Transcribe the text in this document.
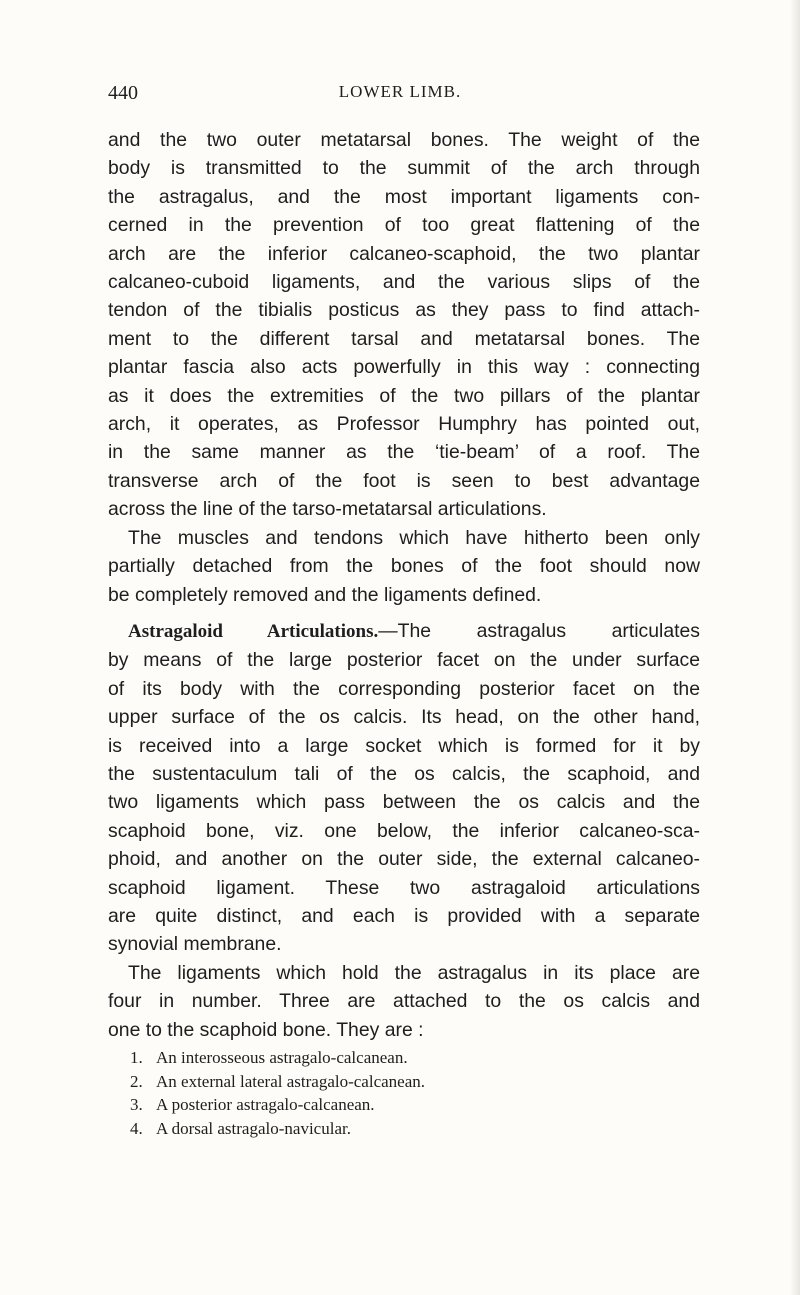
440	LOWER LIMB.
and the two outer metatarsal bones. The weight of the
body is transmitted to the summit of the arch through
the astragalus, and the most important ligaments con-
cerned in the prevention of too great flattening of the
arch are the inferior calcaneo-scaphoid, the two plantar
calcaneo-cuboid ligaments, and the various slips of the
tendon of the tibialis posticus as they pass to find attach-
ment to the different tarsal and metatarsal bones. The
plantar fascia also acts powerfully in this way : connecting
as it does the extremities of the two pillars of the plantar
arch, it operates, as Professor Humphry has pointed out,
in the same manner as the ‘tie-beam’ of a roof. The
transverse arch of the foot is seen to best advantage
across the line of the tarso-metatarsal articulations.
The muscles and tendons which have hitherto been only
partially detached from the bones of the foot should now
be completely removed and the ligaments defined.
Astragaloid Articulations.—The astragalus articulates
by means of the large posterior facet on the under surface
of its body with the corresponding posterior facet on the
upper surface of the os calcis. Its head, on the other hand,
is received into a large socket which is formed for it by
the sustentaculum tali of the os calcis, the scaphoid, and
two ligaments which pass between the os calcis and the
scaphoid bone, viz. one below, the inferior calcaneo-sca-
phoid, and another on the outer side, the external calcaneo-
scaphoid ligament. These two astragaloid articulations
are quite distinct, and each is provided with a separate
synovial membrane.
The ligaments which hold the astragalus in its place are
four in number. Three are attached to the os calcis and
one to the scaphoid bone. They are :
1. An interosseous astragalo-calcanean.
2. An external lateral astragalo-calcanean.
3. A posterior astragalo-calcanean.
4. A dorsal astragalo-navicular.
